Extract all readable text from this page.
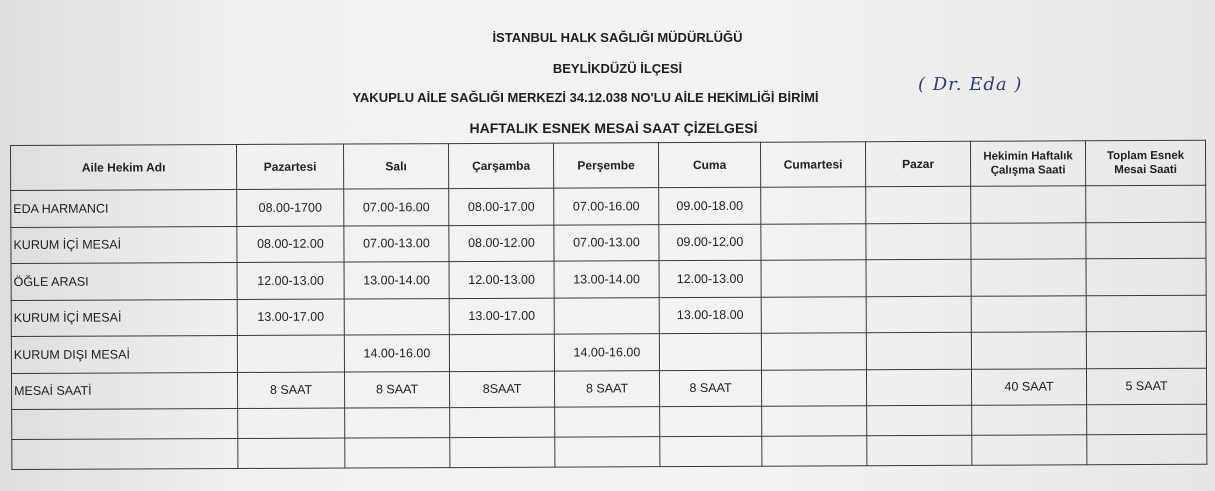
İSTANBUL HALK SAĞLIĞI MÜDÜRLÜĞÜ
BEYLİKDÜZÜ İLÇESİ
YAKUPLU AİLE SAĞLIĞI MERKEZİ 34.12.038 NO'LU AİLE HEKİMLİĞİ BİRİMİ
( Dr. Eda )
HAFTALIK ESNEK MESAİ SAAT ÇİZELGESİ
Aile Hekim Adı	Pazartesi	Salı	Çarşamba	Perşembe	Cuma	Cumartesi	Pazar	Hekimin Haftalık Çalışma Saati	Toplam Esnek Mesai Saati
EDA HARMANCI	08.00-1700	07.00-16.00	08.00-17.00	07.00-16.00	09.00-18.00				
KURUM İÇİ MESAİ	08.00-12.00	07.00-13.00	08.00-12.00	07.00-13.00	09.00-12.00				
ÖĞLE ARASI	12.00-13.00	13.00-14.00	12.00-13.00	13.00-14.00	12.00-13.00				
KURUM İÇİ MESAİ	13.00-17.00		13.00-17.00		13.00-18.00				
KURUM DIŞI MESAİ		14.00-16.00		14.00-16.00					
MESAİ SAATİ	8 SAAT	8 SAAT	8SAAT	8 SAAT	8 SAAT			40 SAAT	5 SAAT
